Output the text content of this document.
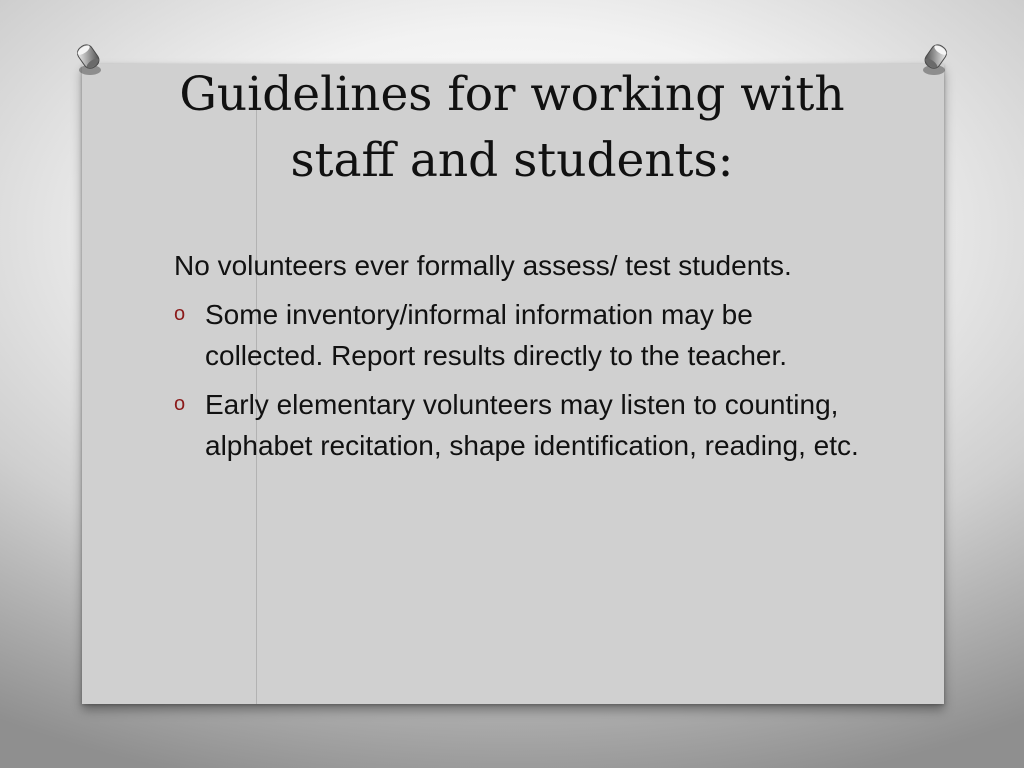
Guidelines for working with
staff and students:

No volunteers ever formally assess/ test students.

o Some inventory/informal information may be collected. Report results directly to the teacher.
o Early elementary volunteers may listen to counting, alphabet recitation, shape identification, reading, etc.
